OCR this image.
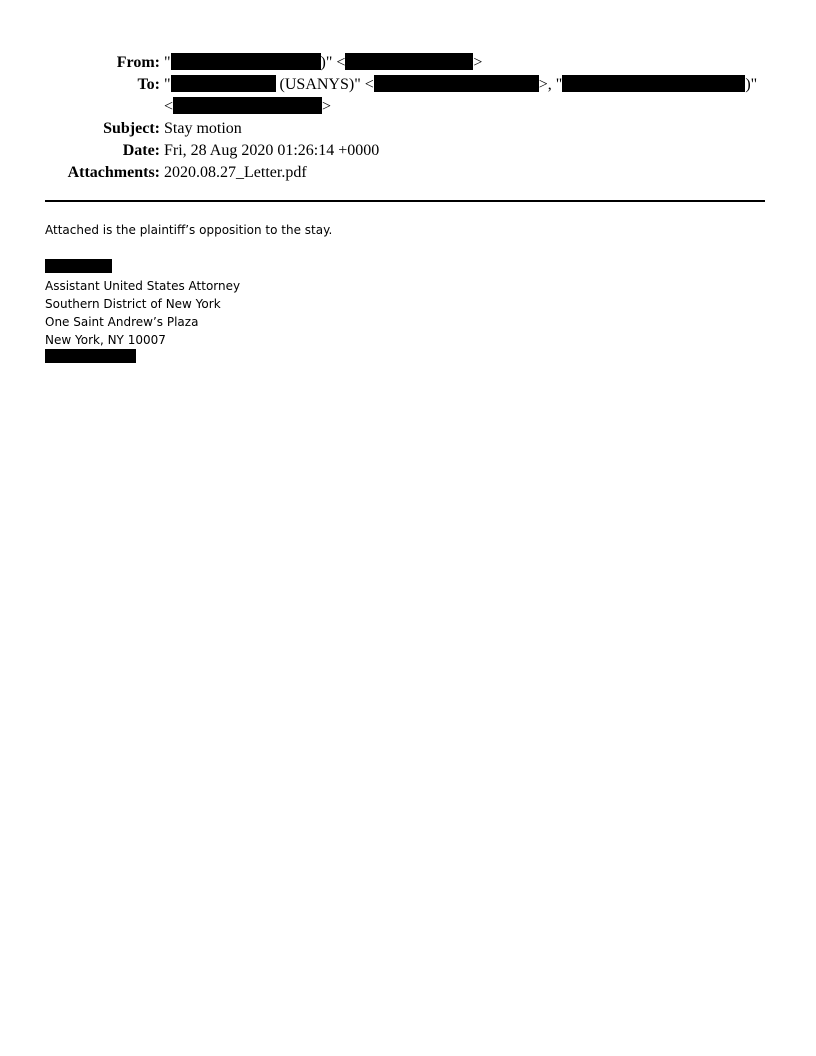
From: "	)" <	>
To: "	(USANYS)" <	>, "	)"
<	>
Subject: Stay motion
Date: Fri, 28 Aug 2020 01:26:14 +0000
Attachments: 2020.08.27_Letter.pdf
Attached is the plaintiff’s opposition to the stay.
Assistant United States Attorney
Southern District of New York
One Saint Andrew’s Plaza
New York, NY 10007
